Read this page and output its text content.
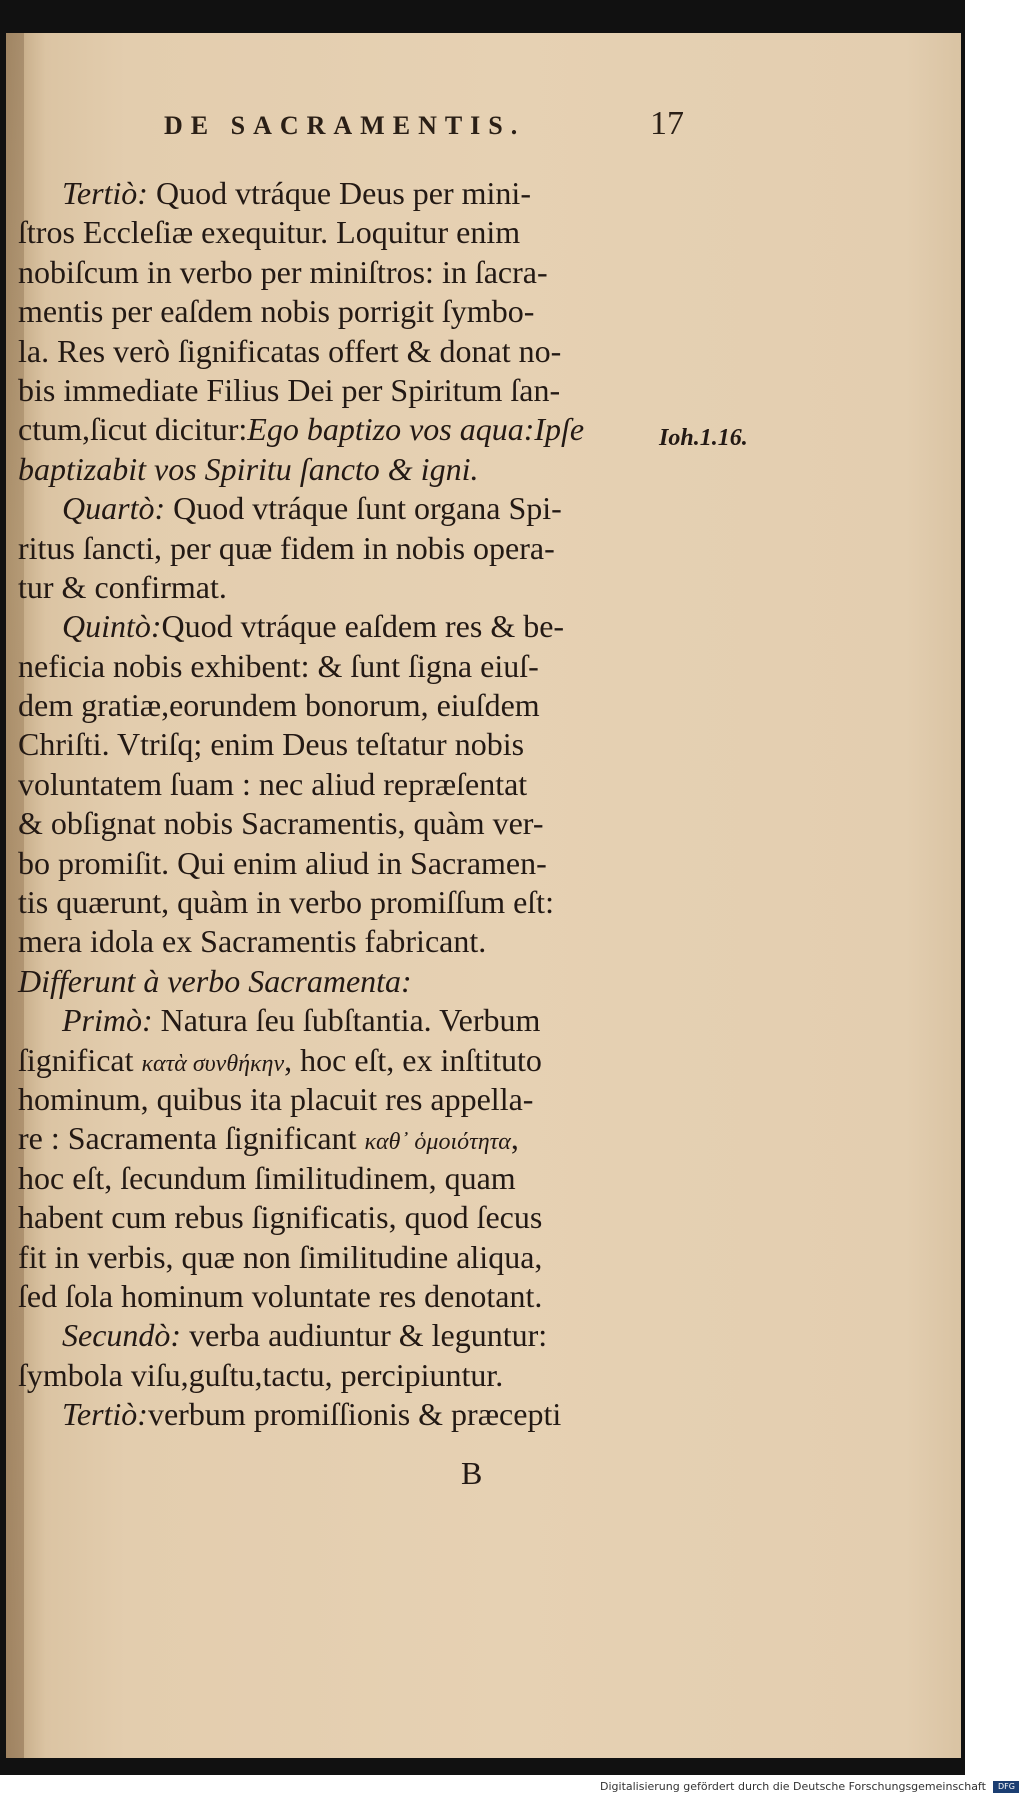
DE SACRAMENTIS.	17
Tertiò: Quod vtráque Deus per mini-
ſtros Eccleſiæ exequitur. Loquitur enim
nobiſcum in verbo per miniſtros: in ſacra-
mentis per eaſdem nobis porrigit ſymbo-
la. Res verò ſignificatas offert & donat no-
bis immediate Filius Dei per Spiritum ſan-
ctum,ſicut dicitur:Ego baptizo vos aqua:Ipſe
baptizabit vos Spiritu ſancto & igni.
Quartò: Quod vtráque ſunt organa Spi-
ritus ſancti, per quæ fidem in nobis opera-
tur & confirmat.
Quintò:Quod vtráque eaſdem res & be-
neficia nobis exhibent: & ſunt ſigna eiuſ-
dem gratiæ,eorundem bonorum, eiuſdem
Chriſti. Vtriſq; enim Deus teſtatur nobis
voluntatem ſuam : nec aliud repræſentat
& obſignat nobis Sacramentis, quàm ver-
bo promiſit. Qui enim aliud in Sacramen-
tis quærunt, quàm in verbo promiſſum eſt:
mera idola ex Sacramentis fabricant.
Differunt à verbo Sacramenta:
Primò: Natura ſeu ſubſtantia. Verbum
ſignificat κατὰ συνθήκην, hoc eſt, ex inſtituto
hominum, quibus ita placuit res appella-
re : Sacramenta ſignificant καθ᾽ ὁμοιότητα,
hoc eſt, ſecundum ſimilitudinem, quam
habent cum rebus ſignificatis, quod ſecus
fit in verbis, quæ non ſimilitudine aliqua,
ſed ſola hominum voluntate res denotant.
Secundò: verba audiuntur & leguntur:
ſymbola viſu,guſtu,tactu, percipiuntur.
Tertiò:verbum promiſſionis & præcepti
Ioh.1.16.
B
Digitalisierung gefördert durch die Deutsche Forschungsgemeinschaft DFG
